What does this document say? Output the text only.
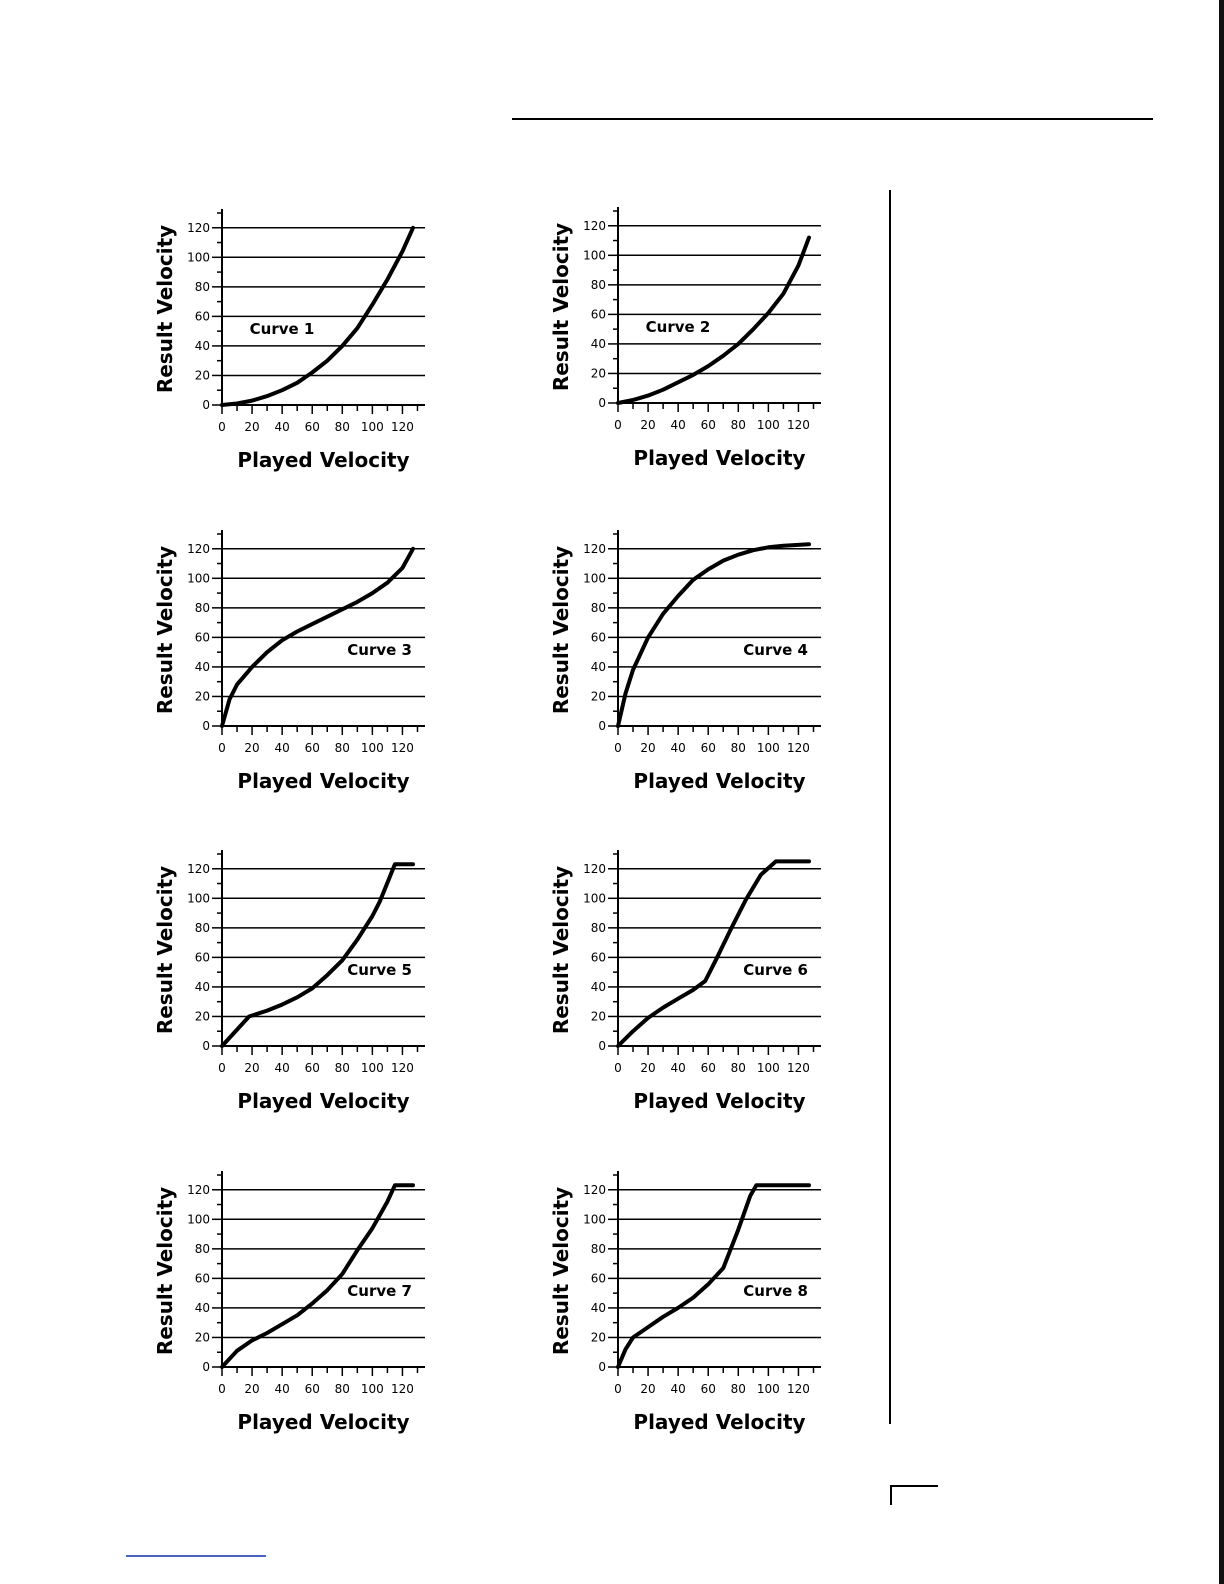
0
20
40
60
80
100
120
0 20 40 60 80 100 120
Played Velocity
Result Velocity	Curve 1
0
20
40
60
80
100
120
0 20 40 60 80 100 120
Played Velocity
Result Velocity	Curve 2
0
20
40
60
80
100
120
0 20 40 60 80 100 120
Played Velocity
Result Velocity	Curve 3
0
20
40
60
80
100
120
0 20 40 60 80 100 120
Played Velocity
Result Velocity	Curve 4
0
20
40
60
80
100
120
0 20 40 60 80 100 120
Played Velocity
Result Velocity	Curve 5
0
20
40
60
80
100
120
0 20 40 60 80 100 120
Played Velocity
Result Velocity	Curve 6
0
20
40
60
80
100
120
0 20 40 60 80 100 120
Played Velocity
Result Velocity	Curve 7
0
20
40
60
80
100
120
0 20 40 60 80 100 120
Played Velocity
Result Velocity	Curve 8
